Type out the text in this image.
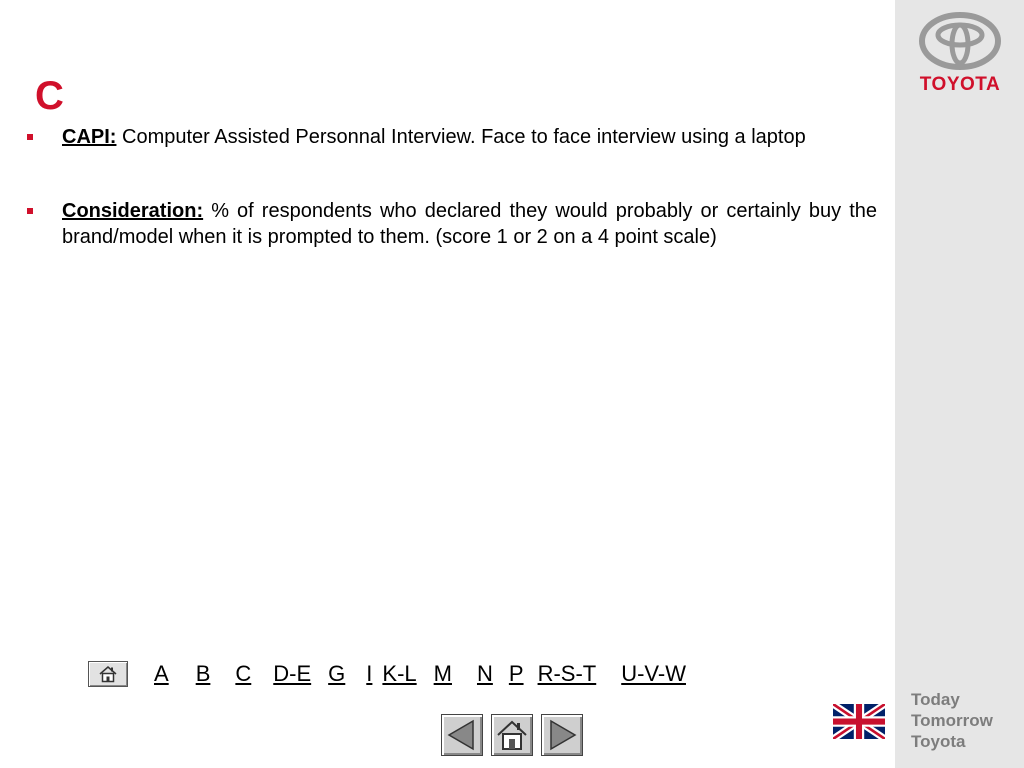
TOYOTA
Today
Tomorrow
Toyota
C
CAPI: Computer Assisted Personnal Interview. Face to face interview using a laptop
Consideration: % of respondents who declared they would probably or certainly buy the brand/model when it is prompted to them. (score 1 or 2 on a 4 point scale)
A B C D-E G I K-L M N P R-S-T U-V-W
